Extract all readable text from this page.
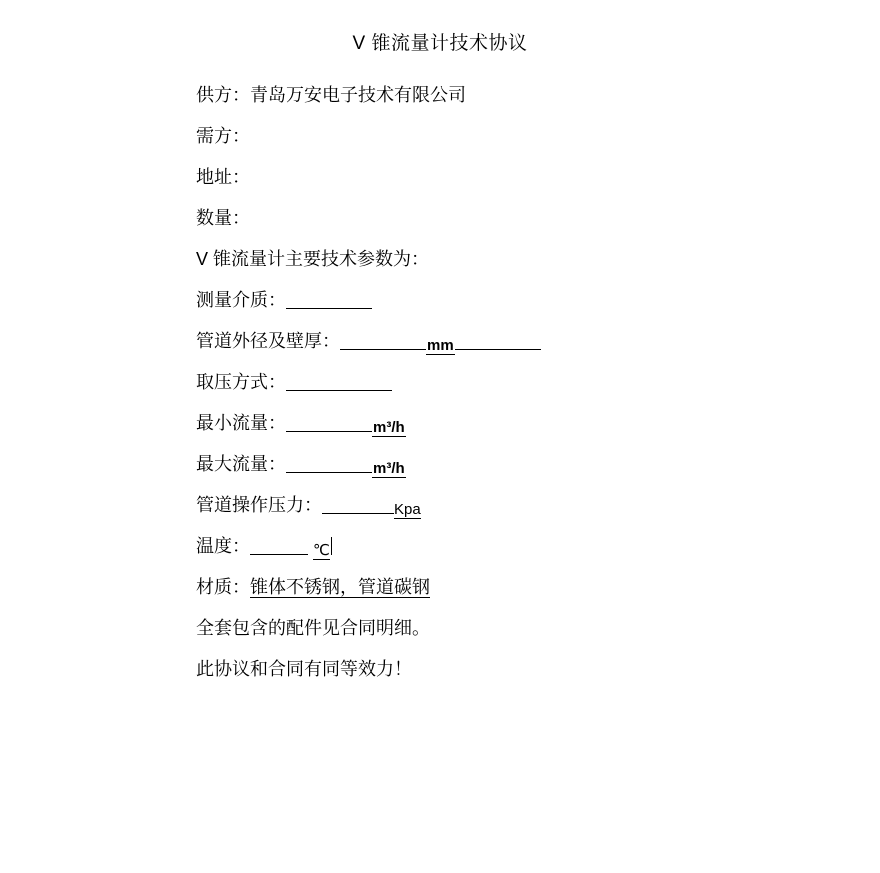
V 锥流量计技术协议
供方：青岛万安电子技术有限公司
需方：
地址：
数量：
V 锥流量计主要技术参数为：
测量介质：
管道外径及壁厚：	mm
取压方式：
最小流量：	m³/h
最大流量：	m³/h
管道操作压力：	Kpa
温度：	℃
材质：锥体不锈钢，管道碳钢
全套包含的配件见合同明细。
此协议和合同有同等效力！
